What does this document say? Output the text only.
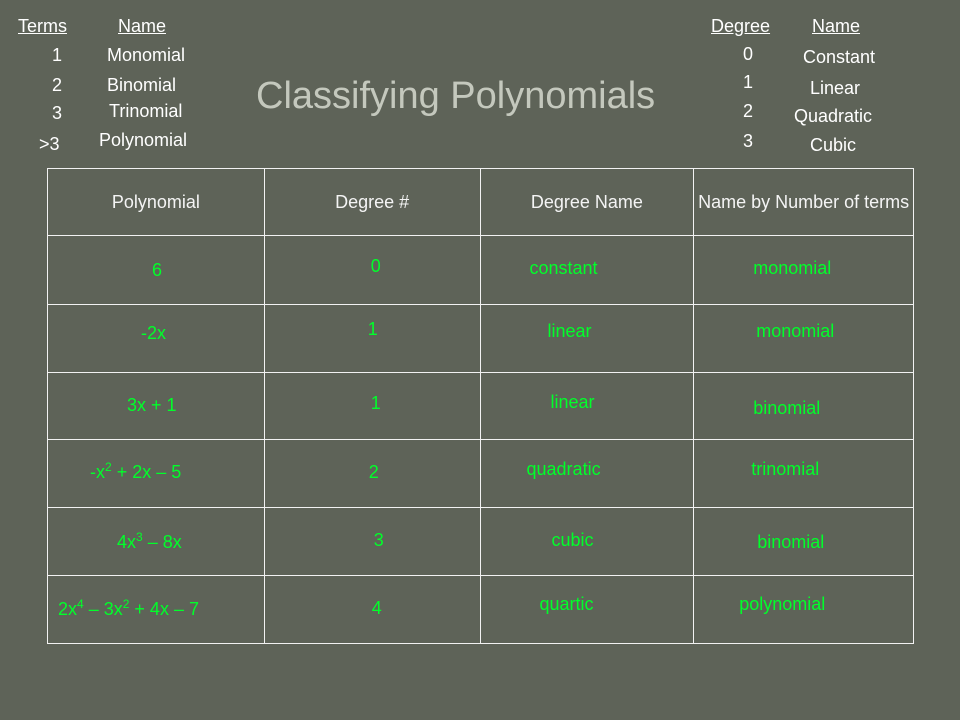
Terms	Name
1 Monomial
2 Binomial
3	Trinomial
>3 Polynomial
Degree Name
0	Constant
1	Linear
2 Quadratic
3	Cubic
Classifying Polynomials
Polynomial	Degree #	Degree Name	Name by Number of terms

6	0	constant	monomial

-2x	1	linear	monomial

3x + 1	1	linear	binomial

$-x^2 + 2x - 5$	2	quadratic	trinomial

$4x^3 - 8x$	3	cubic	binomial

$2x^4 - 3x^2 + 4x - 7$	4	quartic	polynomial
